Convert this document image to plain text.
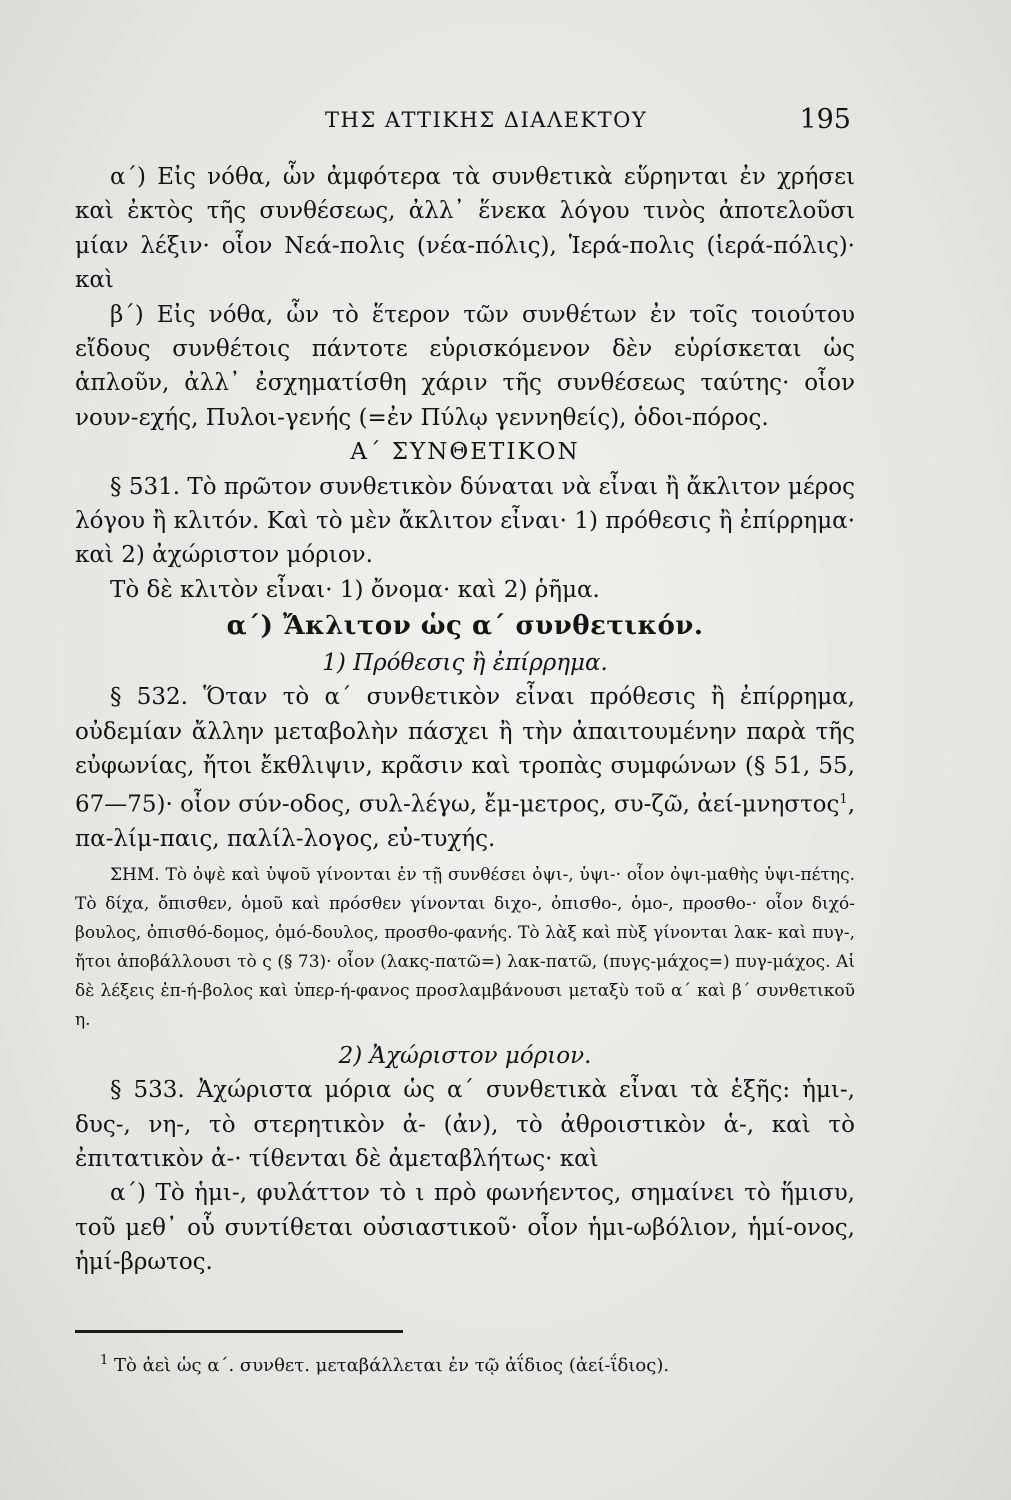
ΤΗΣ ΑΤΤΙΚΗΣ ΔΙΑΛΕΚΤΟΥ	195

α΄) Εἰς νόθα, ὧν ἀμφότερα τὰ συνθετικὰ εὕρηνται ἐν χρήσει καὶ ἐκτὸς τῆς συνθέσεως, ἀλλ᾿ ἕνεκα λόγου τινὸς ἀποτελοῦσι μίαν λέξιν· οἷον Νεά-πολις (νέα-πόλις), Ἱερά-πολις (ἱερά-πόλις)· καὶ

β΄) Εἰς νόθα, ὧν τὸ ἕτερον τῶν συνθέτων ἐν τοῖς τοιούτου εἴδους συνθέτοις πάντοτε εὑρισκόμενον δὲν εὑρίσκεται ὡς ἁπλοῦν, ἀλλ᾿ ἐσχηματίσθη χάριν τῆς συνθέσεως ταύτης· οἷον νουν-εχής, Πυλοι-γενής (=ἐν Πύλῳ γεννηθείς), ὁδοι-πόρος.

Α΄ ΣΥΝΘΕΤΙΚΟΝ

§ 531. Τὸ πρῶτον συνθετικὸν δύναται νὰ εἶναι ἢ ἄκλιτον μέρος λόγου ἢ κλιτόν. Καὶ τὸ μὲν ἄκλιτον εἶναι· 1) πρόθεσις ἢ ἐπίρρημα· καὶ 2) ἀχώριστον μόριον.

Τὸ δὲ κλιτὸν εἶναι· 1) ὄνομα· καὶ 2) ῥῆμα.

α΄) Ἄκλιτον ὡς α΄ συνθετικόν.

1) Πρόθεσις ἢ ἐπίρρημα.

§ 532. Ὅταν τὸ α΄ συνθετικὸν εἶναι πρόθεσις ἢ ἐπίρρημα, οὐδεμίαν ἄλλην μεταβολὴν πάσχει ἢ τὴν ἀπαιτουμένην παρὰ τῆς εὐφωνίας, ἤτοι ἔκθλιψιν, κρᾶσιν καὶ τροπὰς συμφώνων (§ 51, 55, 67—75)· οἷον σύν-οδος, συλ-λέγω, ἔμ-μετρος, συ-ζῶ, ἀεί-μνηστος$^1$, πα-λίμ-παις, παλίλ-λογος, εὐ-τυχής.

ΣΗΜ. Τὸ ὀψὲ καὶ ὑψοῦ γίνονται ἐν τῇ συνθέσει ὀψι-, ὑψι-· οἷον ὀψι-μαθὴς ὑψι-πέτης. Τὸ δίχα, ὄπισθεν, ὁμοῦ καὶ πρόσθεν γίνονται διχο-, ὀπισθο-, ὁμο-, προσθο-· οἷον διχό-βουλος, ὀπισθό-δομος, ὁμό-δουλος, προσθο-φανής. Τὸ λὰξ καὶ πὺξ γίνονται λακ- καὶ πυγ-, ἤτοι ἀποβάλλουσι τὸ ς (§ 73)· οἷον (λακς-πατῶ=) λακ-πατῶ, (πυγς-μάχος=) πυγ-μάχος. Αἱ δὲ λέξεις ἐπ-ή-βολος καὶ ὑπερ-ή-φανος προσλαμβάνουσι μεταξὺ τοῦ α΄ καὶ β΄ συνθετικοῦ η.

2) Ἀχώριστον μόριον.

§ 533. Ἀχώριστα μόρια ὡς α΄ συνθετικὰ εἶναι τὰ ἑξῆς: ἡμι-, δυς-, νη-, τὸ στερητικὸν ἀ- (ἀν), τὸ ἀθροιστικὸν ἁ-, καὶ τὸ ἐπιτατικὸν ἀ-· τίθενται δὲ ἀμεταβλήτως· καὶ

α΄) Τὸ ἡμι-, φυλάττον τὸ ι πρὸ φωνήεντος, σημαίνει τὸ ἥμισυ, τοῦ μεθ᾿ οὗ συντίθεται οὐσιαστικοῦ· οἷον ἡμι-ωβόλιον, ἡμί-ονος, ἡμί-βρωτος.

$^1$ Τὸ ἀεὶ ὡς α΄. συνθετ. μεταβάλλεται ἐν τῷ ἀΐδιος (ἀεί-ΐδιος).
